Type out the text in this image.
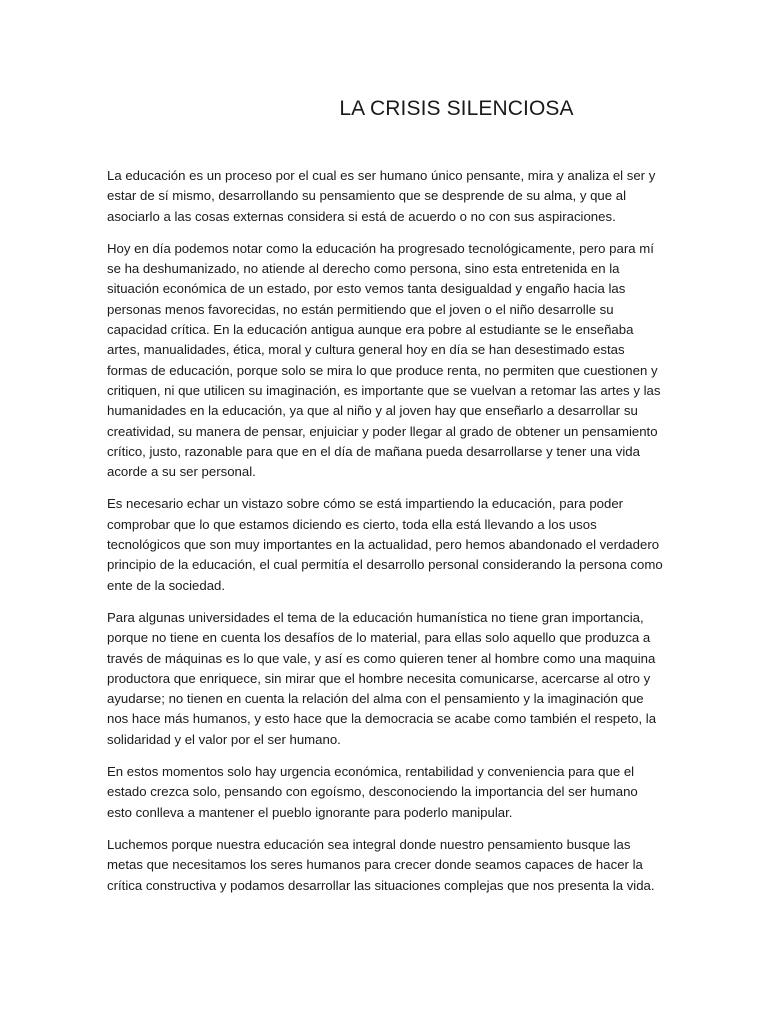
LA CRISIS SILENCIOSA

La educación es un proceso por el cual es ser humano único pensante, mira y analiza el ser y estar de sí mismo, desarrollando su pensamiento que se desprende de su alma, y que al asociarlo a las cosas externas considera si está de acuerdo o no con sus aspiraciones.

Hoy en día podemos notar como la educación ha progresado tecnológicamente, pero para mí se ha deshumanizado, no atiende al derecho como persona, sino esta entretenida en la situación económica de un estado, por esto vemos tanta desigualdad y engaño hacia las personas menos favorecidas, no están permitiendo que el joven o el niño desarrolle su capacidad crítica. En la educación antigua aunque era pobre al estudiante se le enseñaba artes, manualidades, ética, moral y cultura general hoy en día se han desestimado estas formas de educación, porque solo se mira lo que produce renta, no permiten que cuestionen y critiquen, ni que utilicen su imaginación, es importante que se vuelvan a retomar las artes y las humanidades en la educación, ya que al niño y al joven hay que enseñarlo a desarrollar su creatividad, su manera de pensar, enjuiciar y poder llegar al grado de obtener un pensamiento crítico, justo, razonable para que en el día de mañana pueda desarrollarse y tener una vida acorde a su ser personal.

Es necesario echar un vistazo sobre cómo se está impartiendo la educación, para poder comprobar que lo que estamos diciendo es cierto, toda ella está llevando a los usos tecnológicos que son muy importantes en la actualidad, pero hemos abandonado el verdadero principio de la educación, el cual permitía el desarrollo personal considerando la persona como ente de la sociedad.

Para algunas universidades el tema de la educación humanística no tiene gran importancia, porque no tiene en cuenta los desafíos de lo material, para ellas solo aquello que produzca a través de máquinas es lo que vale, y así es como quieren tener al hombre como una maquina productora que enriquece, sin mirar que el hombre necesita comunicarse, acercarse al otro y ayudarse; no tienen en cuenta la relación del alma con el pensamiento y la imaginación que nos hace más humanos, y esto hace que la democracia se acabe como también el respeto, la solidaridad y el valor por el ser humano.

En estos momentos solo hay urgencia económica, rentabilidad y conveniencia para que el estado crezca solo, pensando con egoísmo, desconociendo la importancia del ser humano esto conlleva a mantener el pueblo ignorante para poderlo manipular.

Luchemos porque nuestra educación sea integral donde nuestro pensamiento busque las metas que necesitamos los seres humanos para crecer donde seamos capaces de hacer la crítica constructiva y podamos desarrollar las situaciones complejas que nos presenta la vida.
